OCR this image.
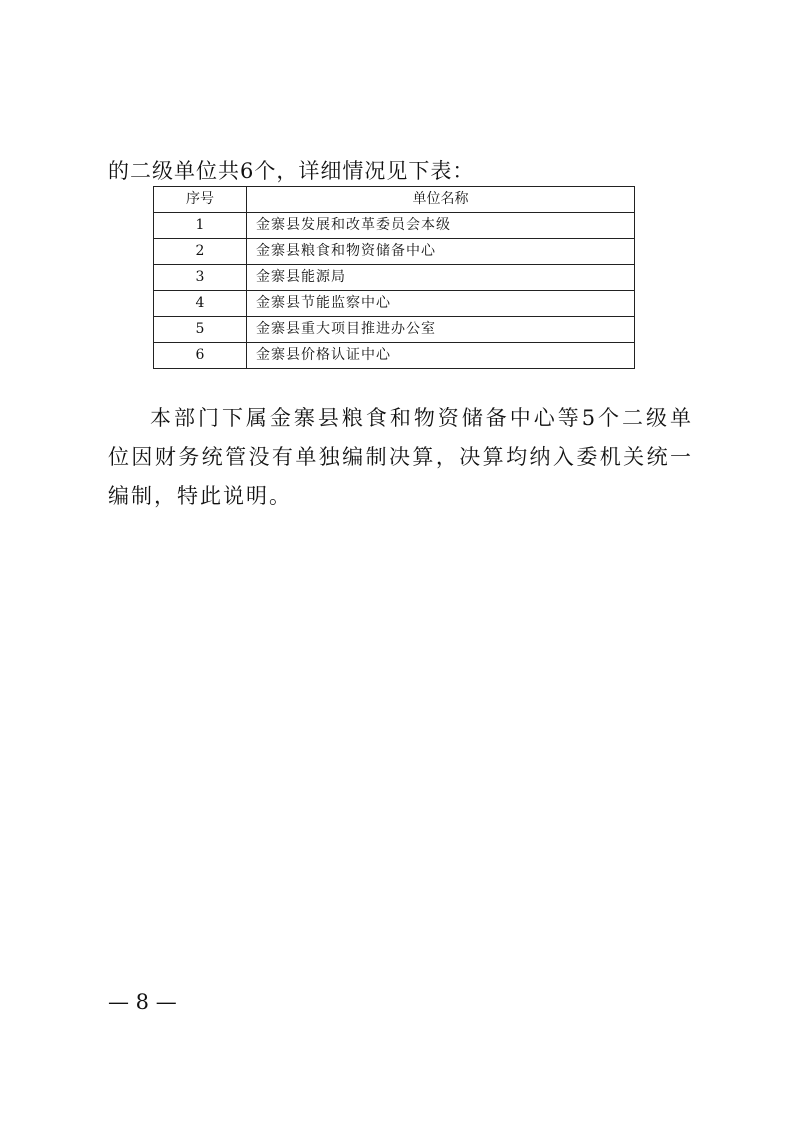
的二级单位共6个，详细情况见下表：
序号	单位名称
1	金寨县发展和改革委员会本级
2	金寨县粮食和物资储备中心
3	金寨县能源局
4	金寨县节能监察中心
5	金寨县重大项目推进办公室
6	金寨县价格认证中心

本部门下属金寨县粮食和物资储备中心等5个二级单位因财务统管没有单独编制决算，决算均纳入委机关统一编制，特此说明。

— 8 —
